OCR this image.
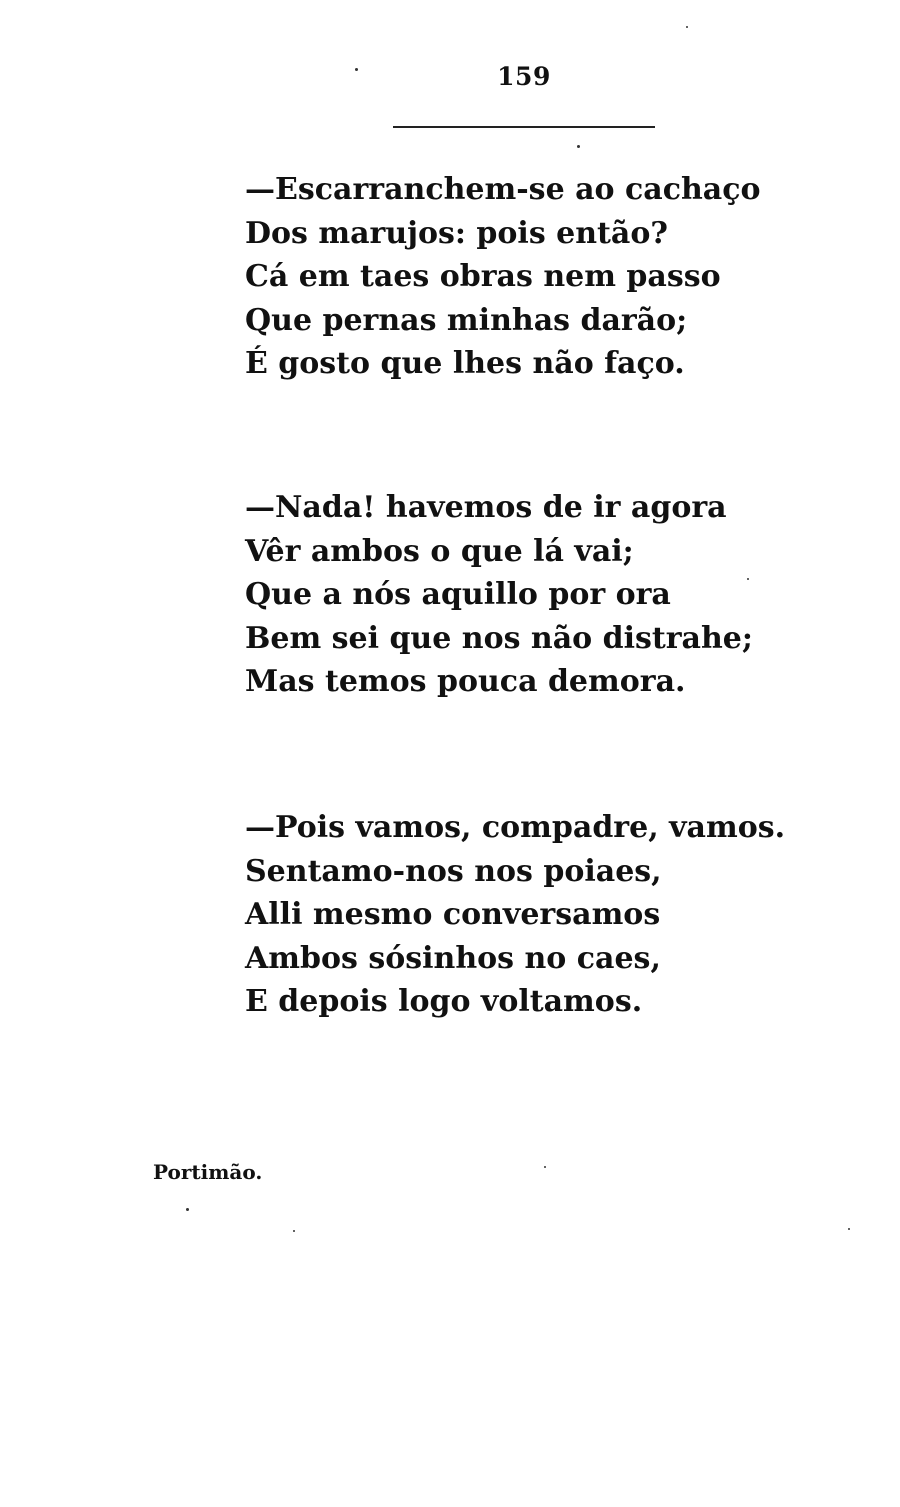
159
—Escarranchem-se ao cachaço
Dos marujos: pois então?
Cá em taes obras nem passo
Que pernas minhas darão;
É gosto que lhes não faço.
—Nada! havemos de ir agora
Vêr ambos o que lá vai;
Que a nós aquillo por ora
Bem sei que nos não distrahe;
Mas temos pouca demora.
—Pois vamos, compadre, vamos.
Sentamo-nos nos poiaes,
Alli mesmo conversamos
Ambos sósinhos no caes,
E depois logo voltamos.
Portimão.
